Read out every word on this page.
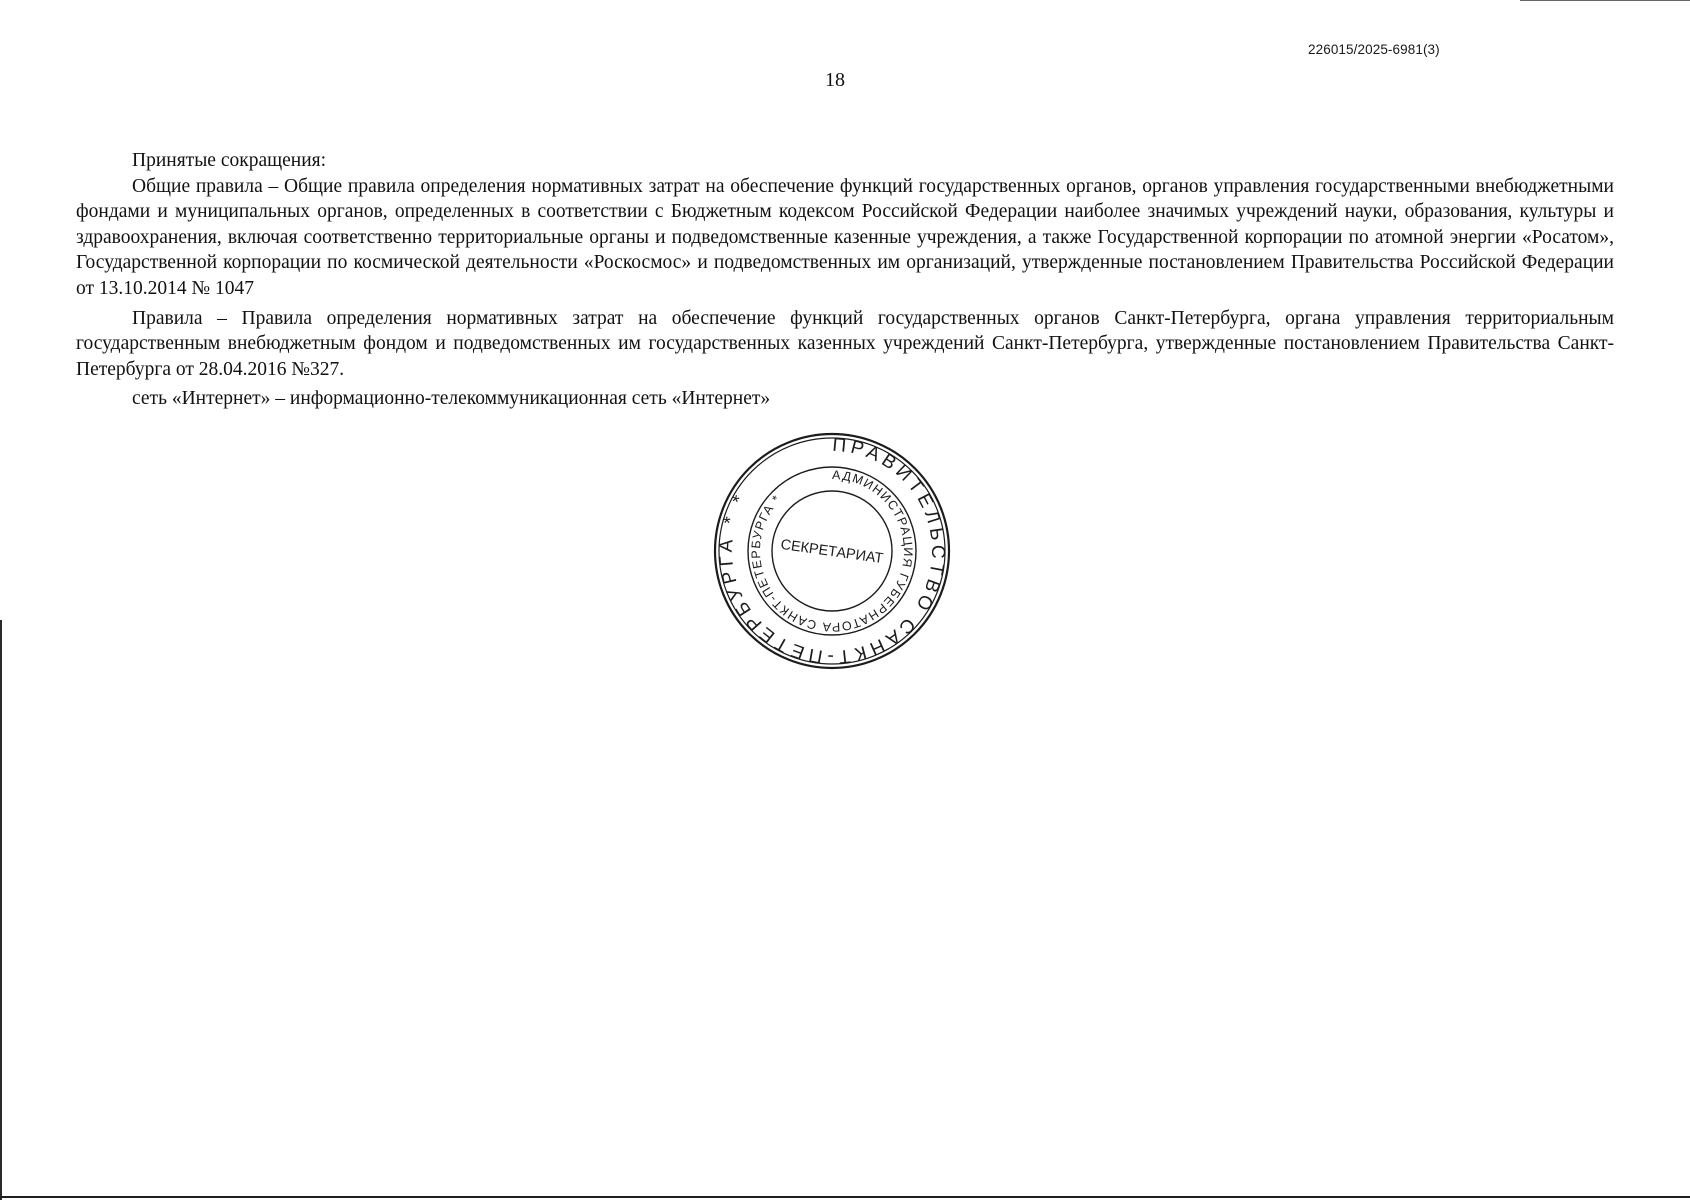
226015/2025-6981(3)
18

Принятые сокращения:

Общие правила – Общие правила определения нормативных затрат на обеспечение функций государственных органов, органов управления государственными внебюджетными фондами и муниципальных органов, определенных в соответствии с Бюджетным кодексом Российской Федерации наиболее значимых учреждений науки, образования, культуры и здравоохранения, включая соответственно территориальные органы и подведомственные казенные учреждения, а также Государственной корпорации по атомной энергии «Росатом», Государственной корпорации по космической деятельности «Роскосмос» и подведомственных им организаций, утвержденные постановлением Правительства Российской Федерации от 13.10.2014 № 1047

Правила – Правила определения нормативных затрат на обеспечение функций государственных органов Санкт-Петербурга, органа управления территориальным государственным внебюджетным фондом и подведомственных им государственных казенных учреждений Санкт-Петербурга, утвержденные постановлением Правительства Санкт-Петербурга от 28.04.2016 №327.

сеть «Интернет» – информационно-телекоммуникационная сеть «Интернет»

ПРАВИТЕЛЬСТВО САНКТ-ПЕТЕРБУРГА * *
АДМИНИСТРАЦИЯ ГУБЕРНАТОРА САНКТ-ПЕТЕРБУРГА *
СЕКРЕТАРИАТ
